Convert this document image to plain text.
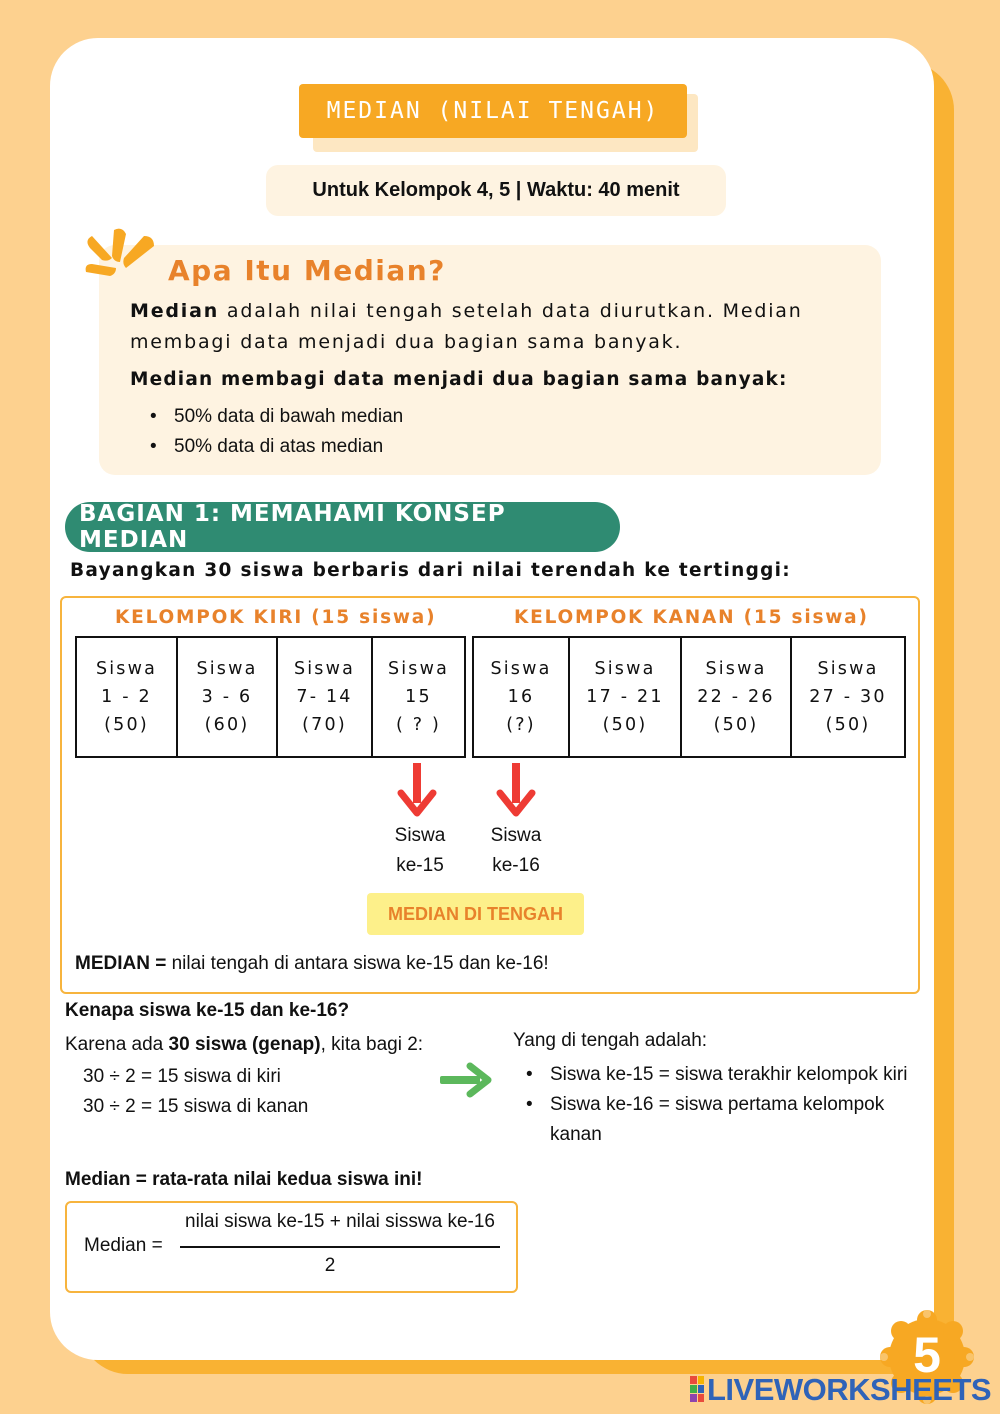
MEDIAN (NILAI TENGAH)
Untuk Kelompok 4, 5 | Waktu: 40 menit
Apa Itu Median?
Median adalah nilai tengah setelah data diurutkan. Median membagi data menjadi dua bagian sama banyak.
Median membagi data menjadi dua bagian sama banyak:
• 50% data di bawah median
• 50% data di atas median
BAGIAN 1: MEMAHAMI KONSEP MEDIAN
Bayangkan 30 siswa berbaris dari nilai terendah ke tertinggi:
KELOMPOK KIRI (15 siswa)	KELOMPOK KANAN (15 siswa)
Siswa
1 - 2
(50)
Siswa
3 - 6
(60)
Siswa
7- 14
(70)
Siswa
15
( ? )
Siswa
16
(?)
Siswa
17 - 21
(50)
Siswa
22 - 26
(50)
Siswa
27 - 30
(50)
Siswa
ke-15
Siswa
ke-16
MEDIAN DI TENGAH
MEDIAN = nilai tengah di antara siswa ke-15 dan ke-16!
Kenapa siswa ke-15 dan ke-16?
Karena ada 30 siswa (genap), kita bagi 2:
30 ÷ 2 = 15 siswa di kiri
30 ÷ 2 = 15 siswa di kanan
Yang di tengah adalah:
• Siswa ke-15 = siswa terakhir kelompok kiri
• Siswa ke-16 = siswa pertama kelompok kanan
Median = rata-rata nilai kedua siswa ini!
Median =
nilai siswa ke-15 + nilai sisswa ke-16
2
5
LIVEWORKSHEETS
